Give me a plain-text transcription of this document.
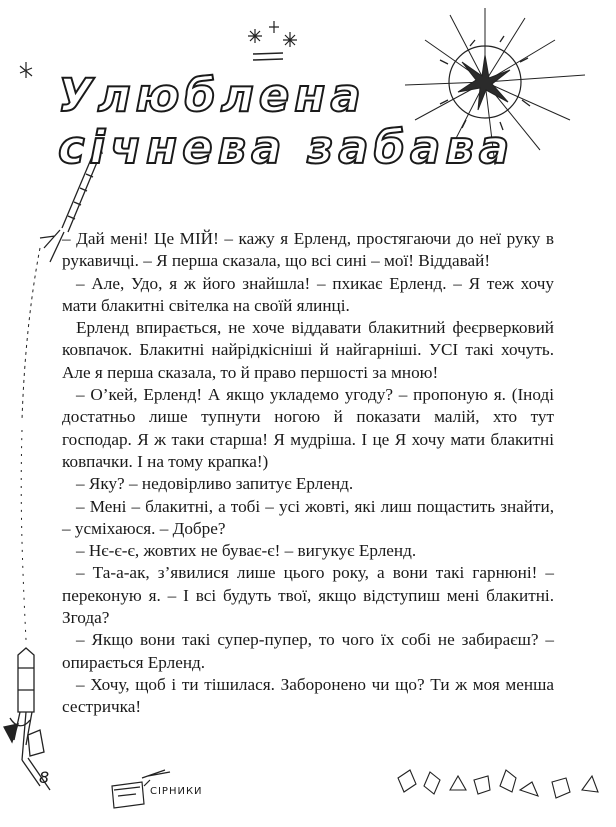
Улюблена
січнева забава

– Дай мені! Це МІЙ! – кажу я Ерленд, простягаючи до неї руку в рукавичці. – Я перша сказала, що всі сині – мої! Віддавай!

– Але, Удо, я ж його знайшла! – пхикає Ерленд. – Я теж хочу мати блакитні світелка на своїй ялинці.

Ерленд впирається, не хоче віддавати блакитний феєрверковий ковпачок. Блакитні найрідкісніші й найгарніші. УСІ такі хочуть. Але я перша сказала, то й право першості за мною!

– О’кей, Ерленд! А якщо укладемо угоду? – пропоную я. (Іноді достатньо лише тупнути ногою й показати малій, хто тут господар. Я ж таки старша! Я мудріша. І це Я хочу мати блакитні ковпачки. І на тому крапка!)

– Яку? – недовірливо запитує Ерленд.

– Мені – блакитні, а тобі – усі жовті, які лиш пощастить знайти, – усміхаюся. – Добре?

– Нє-є-є, жовтих не буває-є! – вигукує Ерленд.

– Та-а-ак, з’явилися лише цього року, а вони такі гарнюні! – переконую я. – І всі будуть твої, якщо відступиш мені блакитні. Згода?

– Якщо вони такі супер-пупер, то чого їх собі не забираєш? – опирається Ерленд.

– Хочу, щоб і ти тішилася. Заборонено чи що? Ти ж моя менша сестричка!

8
СІРНИКИ
